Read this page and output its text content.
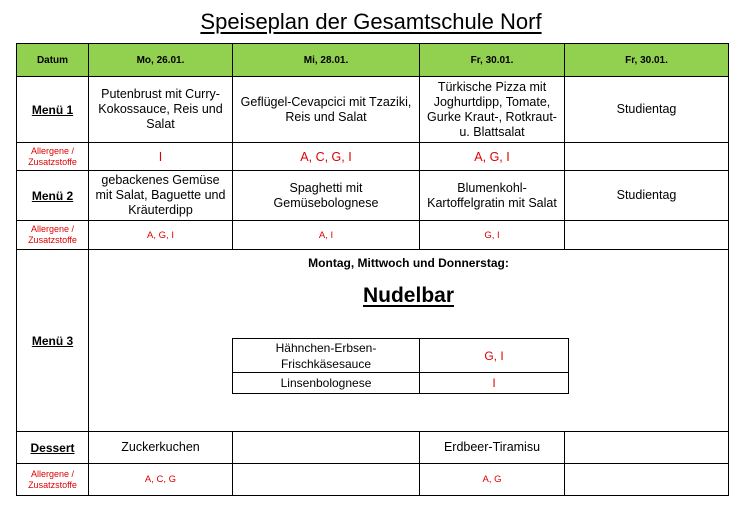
Speiseplan der Gesamtschule Norf
Datum	Mo, 26.01.	Mi, 28.01.	Fr, 30.01.	Fr, 30.01.
Menü 1	Putenbrust mit Curry-Kokossauce, Reis und Salat	Geflügel-Cevapcici mit Tzaziki, Reis und Salat	Türkische Pizza mit Joghurtdipp, Tomate, Gurke Kraut-, Rotkraut- u. Blattsalat	Studientag
Allergene / Zusatzstoffe	I	A, C, G, I	A, G, I	
Menü 2	gebackenes Gemüse mit Salat, Baguette und Kräuterdipp	Spaghetti mit Gemüsebolognese	Blumenkohl-Kartoffelgratin mit Salat	Studientag
Allergene / Zusatzstoffe	A, G, I	A, I	G, I	
Menü 3	
Montag, Mittwoch und Donnerstag:
Nudelbar
Hähnchen-Erbsen-Frischkäsesauce	G, I
Linsenbolognese	I

Dessert	Zuckerkuchen		Erdbeer-Tiramisu	
Allergene / Zusatzstoffe	A, C, G		A, G	
